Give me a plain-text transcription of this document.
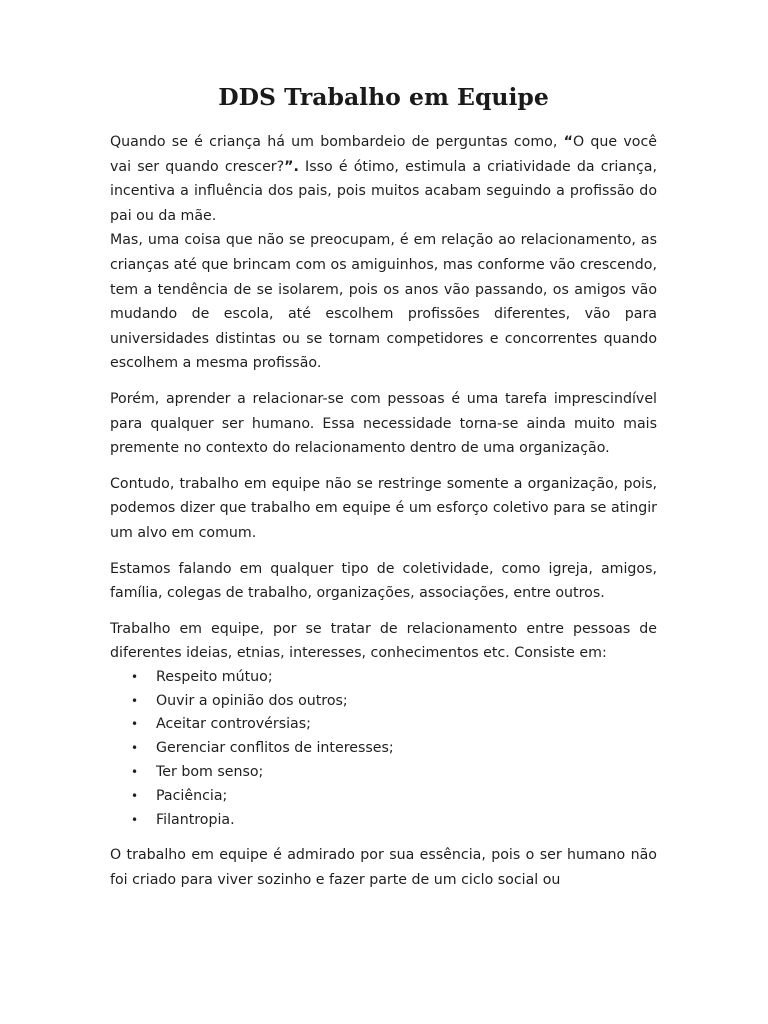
DDS Trabalho em Equipe

Quando se é criança há um bombardeio de perguntas como, “O que você vai ser quando crescer?”. Isso é ótimo, estimula a criatividade da criança, incentiva a influência dos pais, pois muitos acabam seguindo a profissão do pai ou da mãe.

Mas, uma coisa que não se preocupam, é em relação ao relacionamento, as crianças até que brincam com os amiguinhos, mas conforme vão crescendo, tem a tendência de se isolarem, pois os anos vão passando, os amigos vão mudando de escola, até escolhem profissões diferentes, vão para universidades distintas ou se tornam competidores e concorrentes quando escolhem a mesma profissão.

Porém, aprender a relacionar-se com pessoas é uma tarefa imprescindível para qualquer ser humano. Essa necessidade torna-se ainda muito mais premente no contexto do relacionamento dentro de uma organização.

Contudo, trabalho em equipe não se restringe somente a organização, pois, podemos dizer que trabalho em equipe é um esforço coletivo para se atingir um alvo em comum.

Estamos falando em qualquer tipo de coletividade, como igreja, amigos, família, colegas de trabalho, organizações, associações, entre outros.

Trabalho em equipe, por se tratar de relacionamento entre pessoas de diferentes ideias, etnias, interesses, conhecimentos etc. Consiste em:

• Respeito mútuo;
• Ouvir a opinião dos outros;
• Aceitar controvérsias;
• Gerenciar conflitos de interesses;
• Ter bom senso;
• Paciência;
• Filantropia.

O trabalho em equipe é admirado por sua essência, pois o ser humano não foi criado para viver sozinho e fazer parte de um ciclo social ou
